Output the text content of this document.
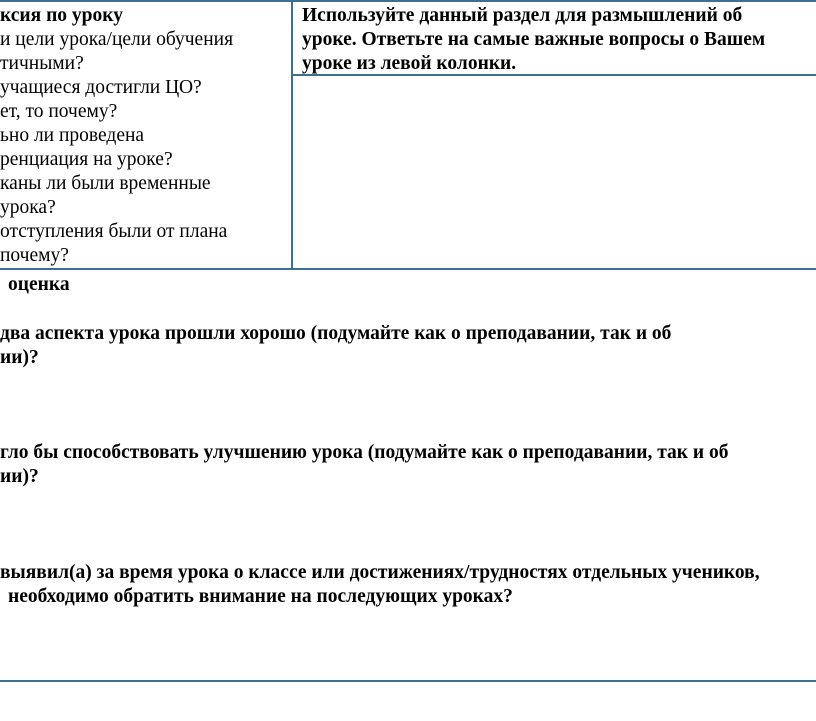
ксия по уроку
и цели урока/цели обучения
тичными?
учащиеся достигли ЦО?
ет, то почему?
ьно ли проведена
ренциация на уроке?
каны ли были временные
урока?
отступления были от плана
почему?
Используйте данный раздел для размышлений об
уроке. Ответьте на самые важные вопросы о Вашем
уроке из левой колонки.
оценка
два аспекта урока прошли хорошо (подумайте как о преподавании, так и об
ии)?
гло бы способствовать улучшению урока (подумайте как о преподавании, так и об
ии)?
выявил(а) за время урока о классе или достижениях/трудностях отдельных учеников,
необходимо обратить внимание на последующих уроках?
